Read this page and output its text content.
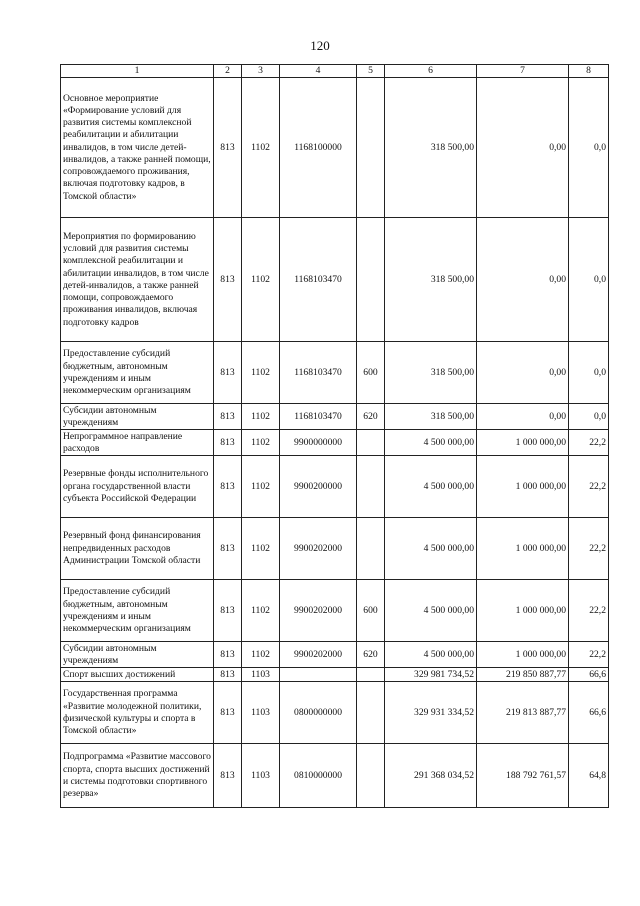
120
1	2	3	4	5	6	7	8
Основное мероприятие «Формирование условий для развития системы комплексной реабилитации и абилитации инвалидов, в том числе детей-инвалидов, а также ранней помощи, сопровождаемого проживания, включая подготовку кадров, в Томской области»	813	1102	1168100000		318 500,00	0,00	0,0
Мероприятия по формированию условий для развития системы комплексной реабилитации и абилитации инвалидов, в том числе детей-инвалидов, а также ранней помощи, сопровождаемого проживания инвалидов, включая подготовку кадров	813	1102	1168103470		318 500,00	0,00	0,0
Предоставление субсидий бюджетным, автономным учреждениям и иным некоммерческим организациям	813	1102	1168103470	600	318 500,00	0,00	0,0
Субсидии автономным учреждениям	813	1102	1168103470	620	318 500,00	0,00	0,0
Непрограммное направление расходов	813	1102	9900000000		4 500 000,00	1 000 000,00	22,2
Резервные фонды исполнительного органа государственной власти субъекта Российской Федерации	813	1102	9900200000		4 500 000,00	1 000 000,00	22,2
Резервный фонд финансирования непредвиденных расходов Администрации Томской области	813	1102	9900202000		4 500 000,00	1 000 000,00	22,2
Предоставление субсидий бюджетным, автономным учреждениям и иным некоммерческим организациям	813	1102	9900202000	600	4 500 000,00	1 000 000,00	22,2
Субсидии автономным учреждениям	813	1102	9900202000	620	4 500 000,00	1 000 000,00	22,2
Спорт высших достижений	813	1103			329 981 734,52	219 850 887,77	66,6
Государственная программа «Развитие молодежной политики, физической культуры и спорта в Томской области»	813	1103	0800000000		329 931 334,52	219 813 887,77	66,6
Подпрограмма «Развитие массового спорта, спорта высших достижений и системы подготовки спортивного резерва»	813	1103	0810000000		291 368 034,52	188 792 761,57	64,8
